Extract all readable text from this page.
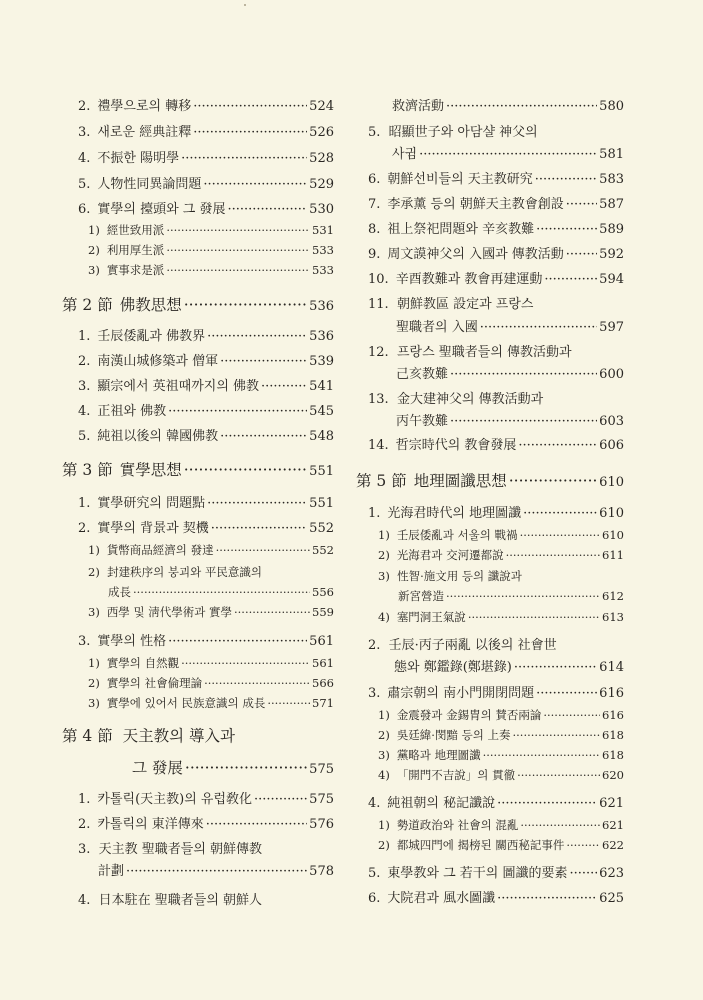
2. 禮學으로의 轉移 ·····	524
3. 새로운 經典註釋 ·····	526
4. 不振한 陽明學 ·····	528
5. 人物性同異論問題 ·····	529
6. 實學의 擡頭와 그 發展 ·····	530
1) 經世致用派 ·····	531
2) 利用厚生派 ·····	533
3) 實事求是派 ·····	533
第 2 節 佛教思想 ·····	536
1. 壬辰倭亂과 佛教界 ·····	536
2. 南漢山城修築과 僧軍 ·····	539
3. 顯宗에서 英祖때까지의 佛教 ·····	541
4. 正祖와 佛教 ·····	545
5. 純祖以後의 韓國佛教 ·····	548
第 3 節 實學思想 ·····	551
1. 實學研究의 問題點 ·····	551
2. 實學의 背景과 契機 ·····	552
1) 貨幣商品經濟의 發達 ·····	552
2) 封建秩序의 붕괴와 平民意識의
成長 ·····	556
3) 西學 및 淸代學術과 實學 ·····	559
3. 實學의 性格 ·····	561
1) 實學의 自然觀 ·····	561
2) 實學의 社會倫理論 ·····	566
3) 實學에 있어서 民族意識의 成長 ·····	571
第 4 節 天主教의 導入과
그 發展 ·····	575
1. 카톨릭(天主教)의 유럽敎化 ·····	575
2. 카톨릭의 東洋傳來 ·····	576
3. 天主教 聖職者들의 朝鮮傳教
計劃 ·····	578
4. 日本駐在 聖職者들의 朝鮮人
救濟活動 ·····	580
5. 昭顯世子와 아담샬 神父의
사귐 ·····	581
6. 朝鮮선비들의 天主教研究 ·····	583
7. 李承薰 등의 朝鮮天主教會創設 ·····	587
8. 祖上祭祀問題와 辛亥教難 ·····	589
9. 周文謨神父의 入國과 傳教活動 ·····	592
10. 辛酉教難과 教會再建運動 ·····	594
11. 朝鮮教區 設定과 프랑스
聖職者의 入國 ·····	597
12. 프랑스 聖職者들의 傳教活動과
己亥教難 ·····	600
13. 金大建神父의 傳教活動과
丙午教難 ·····	603
14. 哲宗時代의 教會發展 ·····	606
第 5 節 地理圖讖思想 ·····	610
1. 光海君時代의 地理圖讖 ·····	610
1) 壬辰倭亂과 서울의 戰禍 ·····	610
2) 光海君과 交河遷都說 ·····	611
3) 性智·施文用 등의 讖說과
新宮營造 ·····	612
4) 塞門洞王氣說 ·····	613
2. 壬辰·丙子兩亂 以後의 社會世
態와 鄭鑑錄(鄭堪錄) ·····	614
3. 肅宗朝의 南小門開閉問題 ·····	616
1) 金震發과 金錫胄의 賛否兩論 ·····	616
2) 吳廷緯·閔黯 등의 上奏 ·····	618
3) 黨略과 地理圖讖 ·····	618
4) 「開門不吉說」의 貫徹 ·····	620
4. 純祖朝의 秘記讖說 ·····	621
1) 勢道政治와 社會의 混亂 ·····	621
2) 都城四門에 揭榜된 關西秘記事件 ·····	622
5. 東學教와 그 若干의 圖讖的要素 ····· 623
6. 大院君과 風水圖讖 ·····	625
